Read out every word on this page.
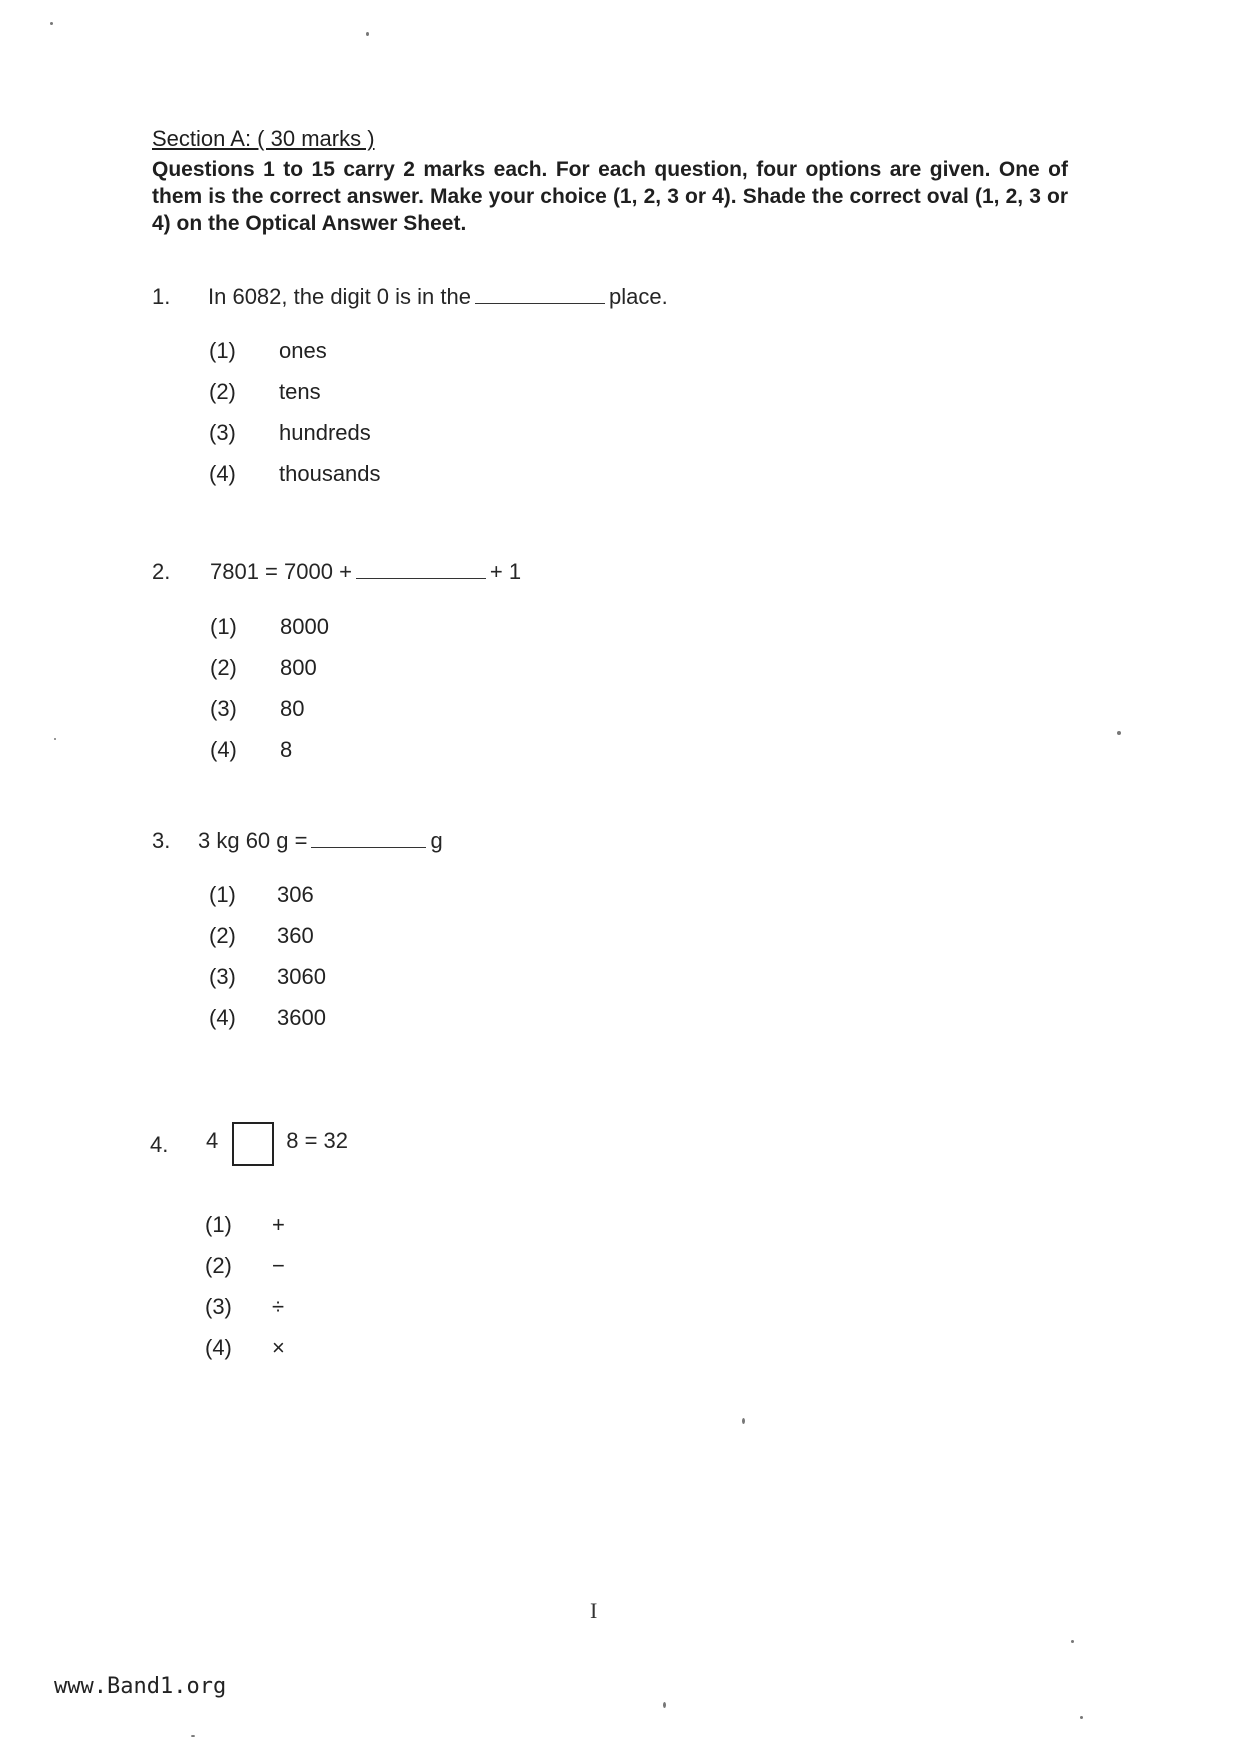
Section A: ( 30 marks )
Questions 1 to 15 carry 2 marks each. For each question, four options are given. One of them is the correct answer. Make your choice (1, 2, 3 or 4). Shade the correct oval (1, 2, 3 or 4) on the Optical Answer Sheet.
1. In 6082, the digit 0 is in the	place.
(1) ones
(2) tens
(3) hundreds
(4) thousands
2. 7801 = 7000 +	+ 1
(1) 8000
(2) 800
(3) 80
(4) 8
3. 3 kg 60 g =	g
(1) 306
(2) 360
(3) 3060
(4) 3600
4. 4	8 = 32
(1) +
(2) −
(3) ÷
(4) ×
I
www.Band1.org
